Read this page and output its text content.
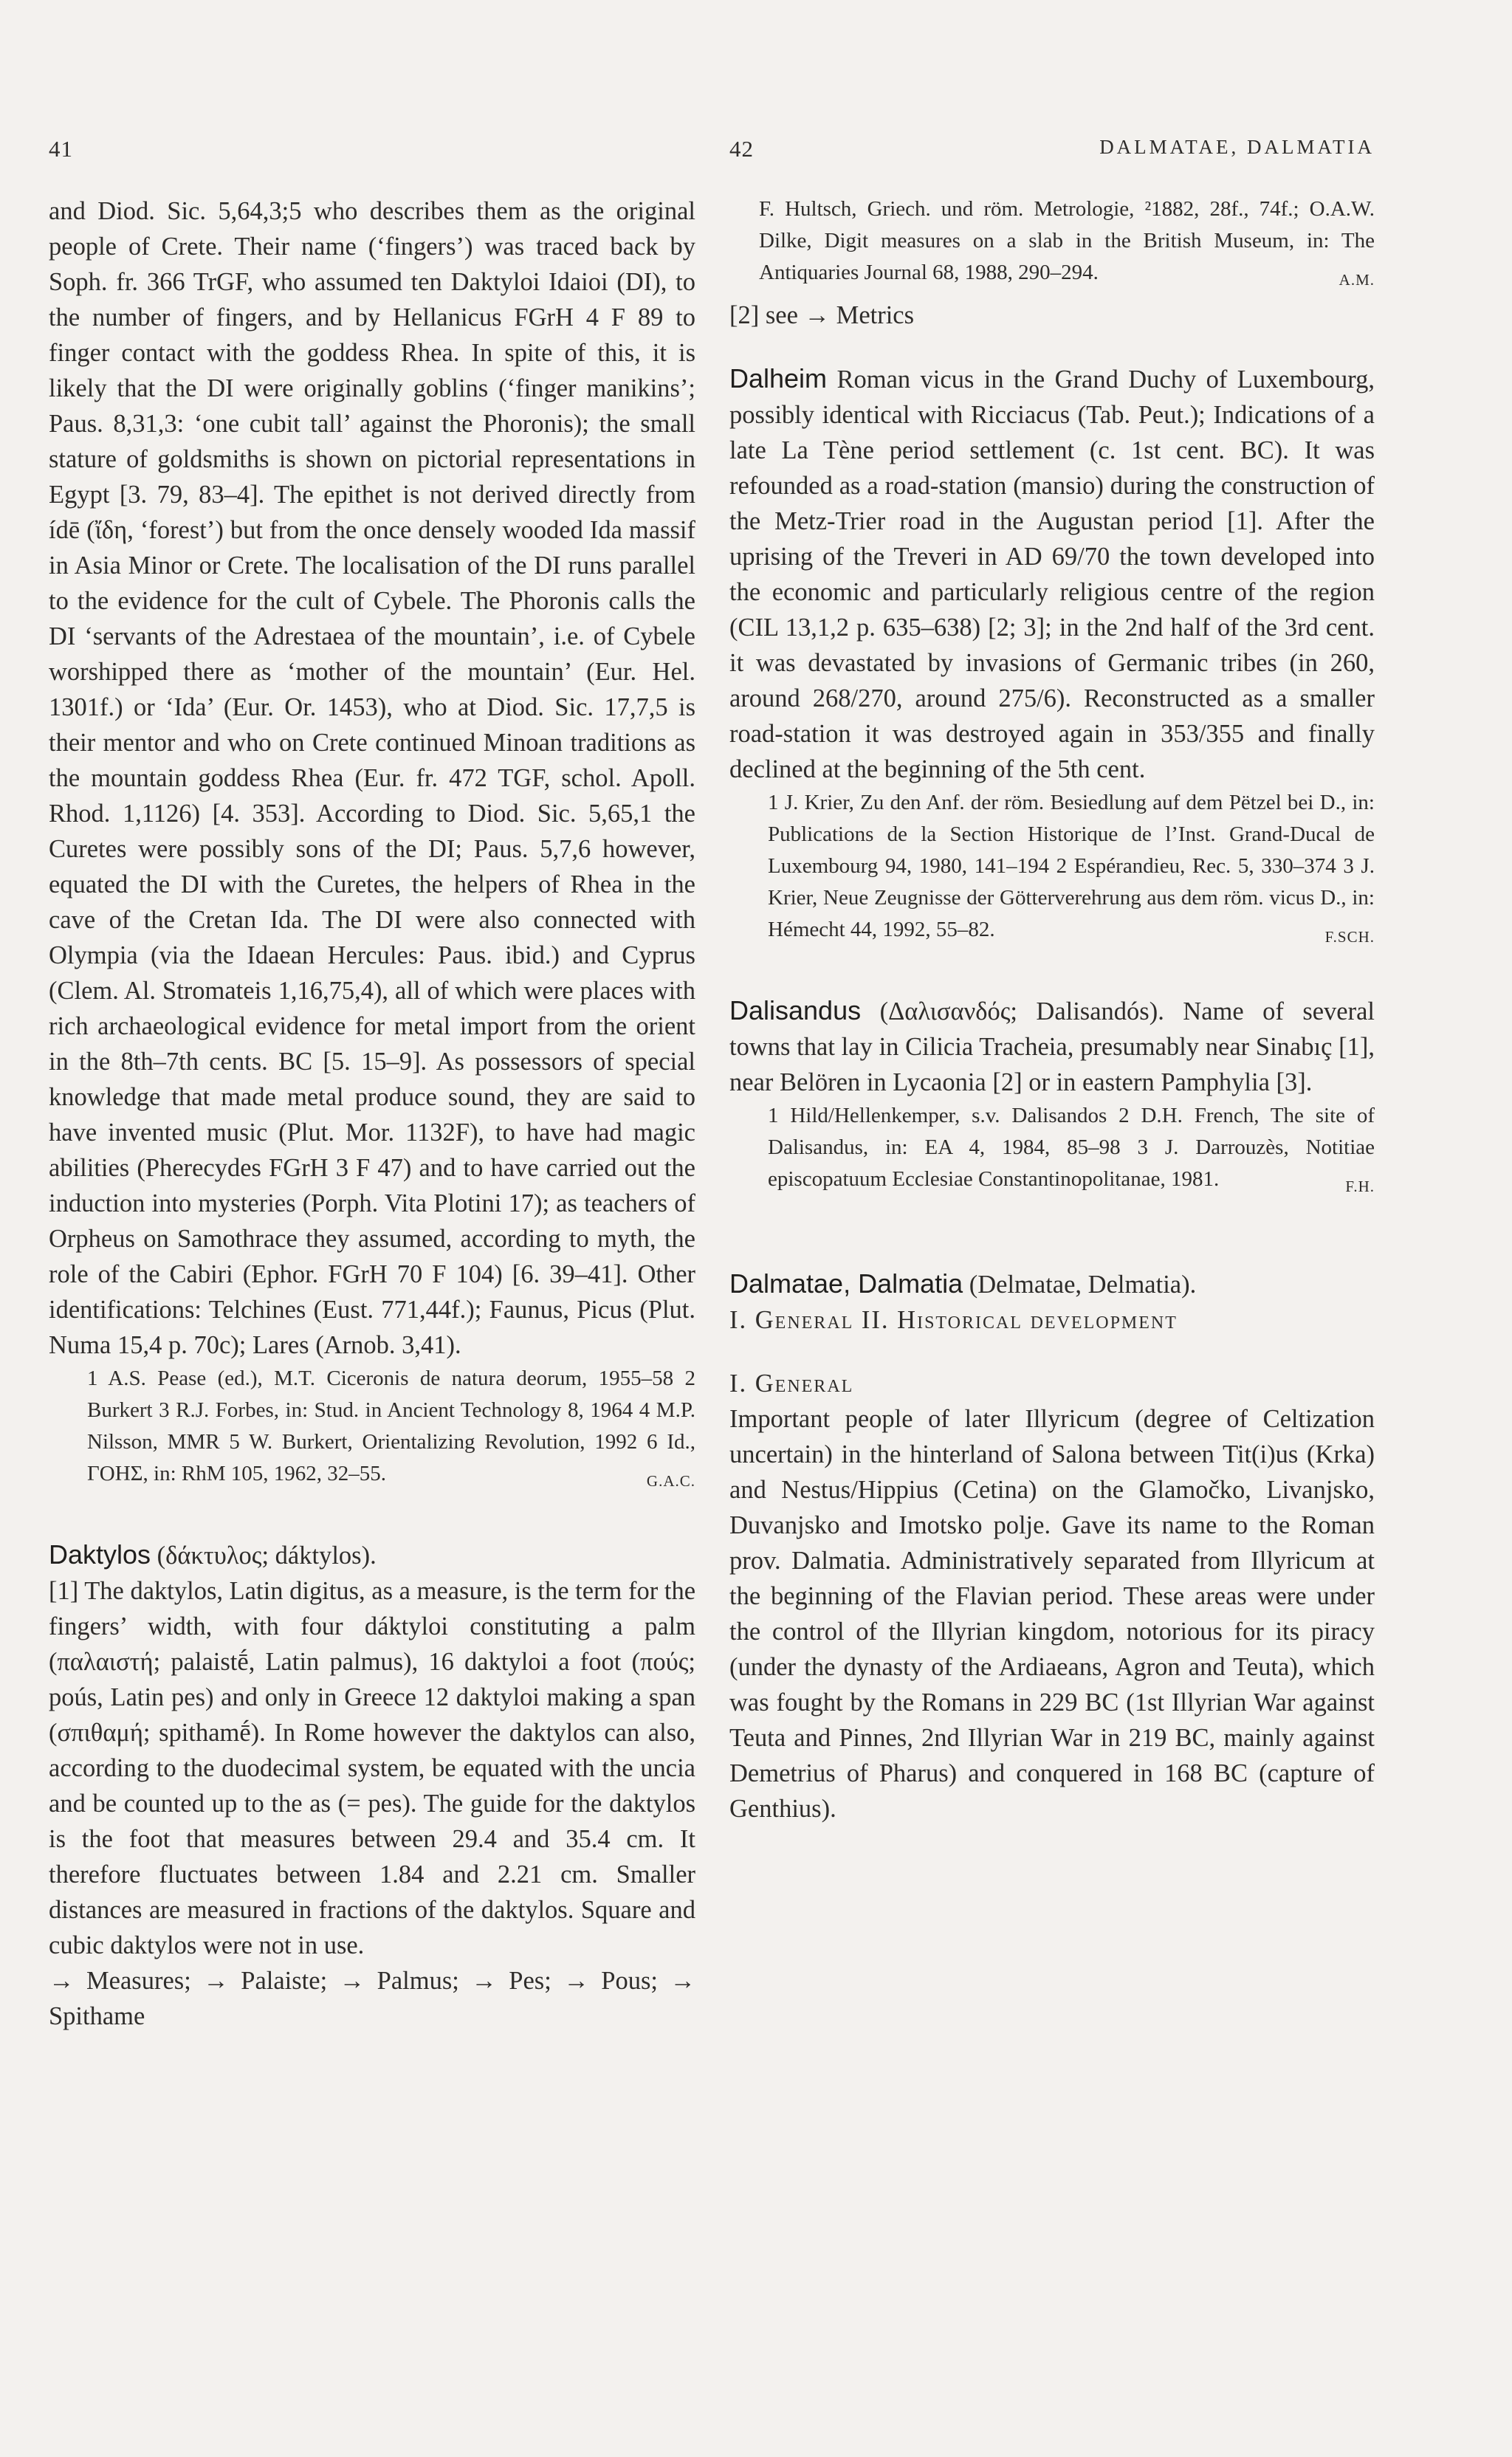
41	42	DALMATAE, DALMATIA

and Diod. Sic. 5,64,3;5 who describes them as the original people of Crete. Their name (‘fingers’) was traced back by Soph. fr. 366 TrGF, who assumed ten Daktyloi Idaioi (DI), to the number of fingers, and by Hellanicus FGrH 4 F 89 to finger contact with the goddess Rhea. In spite of this, it is likely that the DI were originally goblins (‘finger manikins’; Paus. 8,31,3: ‘one cubit tall’ against the Phoronis); the small stature of goldsmiths is shown on pictorial representations in Egypt [3. 79, 83–4]. The epithet is not derived directly from ídē (ἴδη, ‘forest’) but from the once densely wooded Ida massif in Asia Minor or Crete. The localisation of the DI runs parallel to the evidence for the cult of Cybele. The Phoronis calls the DI ‘servants of the Adrestaea of the mountain’, i.e. of Cybele worshipped there as ‘mother of the mountain’ (Eur. Hel. 1301f.) or ‘Ida’ (Eur. Or. 1453), who at Diod. Sic. 17,7,5 is their mentor and who on Crete continued Minoan traditions as the mountain goddess Rhea (Eur. fr. 472 TGF, schol. Apoll. Rhod. 1,1126) [4. 353]. According to Diod. Sic. 5,65,1 the Curetes were possibly sons of the DI; Paus. 5,7,6 however, equated the DI with the Curetes, the helpers of Rhea in the cave of the Cretan Ida. The DI were also connected with Olympia (via the Idaean Hercules: Paus. ibid.) and Cyprus (Clem. Al. Stromateis 1,16,75,4), all of which were places with rich archaeological evidence for metal import from the orient in the 8th–7th cents. BC [5. 15–9]. As possessors of special knowledge that made metal produce sound, they are said to have invented music (Plut. Mor. 1132F), to have had magic abilities (Pherecydes FGrH 3 F 47) and to have carried out the induction into mysteries (Porph. Vita Plotini 17); as teachers of Orpheus on Samothrace they assumed, according to myth, the role of the Cabiri (Ephor. FGrH 70 F 104) [6. 39–41]. Other identifications: Telchines (Eust. 771,44f.); Faunus, Picus (Plut. Numa 15,4 p. 70c); Lares (Arnob. 3,41).

1 A.S. Pease (ed.), M.T. Ciceronis de natura deorum, 1955–58 2 Burkert 3 R.J. Forbes, in: Stud. in Ancient Technology 8, 1964 4 M.P. Nilsson, MMR 5 W. Burkert, Orientalizing Revolution, 1992 6 Id., ΓΟΗΣ, in: RhM 105, 1962, 32–55.	G.A.C.

Daktylos (δάκτυλος; dáktylos).

[1] The daktylos, Latin digitus, as a measure, is the term for the fingers’ width, with four dáktyloi constituting a palm (παλαιστή; palaistḗ, Latin palmus), 16 daktyloi a foot (πούς; poús, Latin pes) and only in Greece 12 daktyloi making a span (σπιθαμή; spithamḗ). In Rome however the daktylos can also, according to the duodecimal system, be equated with the uncia and be counted up to the as (= pes). The guide for the daktylos is the foot that measures between 29.4 and 35.4 cm. It therefore fluctuates between 1.84 and 2.21 cm. Smaller distances are measured in fractions of the daktylos. Square and cubic daktylos were not in use.

→ Measures; → Palaiste; → Palmus; → Pes; → Pous; → Spithame

F. Hultsch, Griech. und röm. Metrologie, ²1882, 28f., 74f.; O.A.W. Dilke, Digit measures on a slab in the British Museum, in: The Antiquaries Journal 68, 1988, 290–294.	A.M.

[2] see → Metrics

Dalheim Roman vicus in the Grand Duchy of Luxembourg, possibly identical with Ricciacus (Tab. Peut.); Indications of a late La Tène period settlement (c. 1st cent. BC). It was refounded as a road-station (mansio) during the construction of the Metz-Trier road in the Augustan period [1]. After the uprising of the Treveri in AD 69/70 the town developed into the economic and particularly religious centre of the region (CIL 13,1,2 p. 635–638) [2; 3]; in the 2nd half of the 3rd cent. it was devastated by invasions of Germanic tribes (in 260, around 268/270, around 275/6). Reconstructed as a smaller road-station it was destroyed again in 353/355 and finally declined at the beginning of the 5th cent.

1 J. Krier, Zu den Anf. der röm. Besiedlung auf dem Pëtzel bei D., in: Publications de la Section Historique de l’Inst. Grand-Ducal de Luxembourg 94, 1980, 141–194 2 Espérandieu, Rec. 5, 330–374 3 J. Krier, Neue Zeugnisse der Götterverehrung aus dem röm. vicus D., in: Hémecht 44, 1992, 55–82.	F.SCH.

Dalisandus (Δαλισανδός; Dalisandós). Name of several towns that lay in Cilicia Tracheia, presumably near Sinabıç [1], near Belören in Lycaonia [2] or in eastern Pamphylia [3].

1 Hild/Hellenkemper, s.v. Dalisandos 2 D.H. French, The site of Dalisandus, in: EA 4, 1984, 85–98 3 J. Darrouzès, Notitiae episcopatuum Ecclesiae Constantinopolitanae, 1981.	F.H.

Dalmatae, Dalmatia (Delmatae, Delmatia).

I. General II. Historical development

I. General

Important people of later Illyricum (degree of Celtization uncertain) in the hinterland of Salona between Tit(i)us (Krka) and Nestus/Hippius (Cetina) on the Glamočko, Livanjsko, Duvanjsko and Imotsko polje. Gave its name to the Roman prov. Dalmatia. Administratively separated from Illyricum at the beginning of the Flavian period. These areas were under the control of the Illyrian kingdom, notorious for its piracy (under the dynasty of the Ardiaeans, Agron and Teuta), which was fought by the Romans in 229 BC (1st Illyrian War against Teuta and Pinnes, 2nd Illyrian War in 219 BC, mainly against Demetrius of Pharus) and conquered in 168 BC (capture of Genthius).
